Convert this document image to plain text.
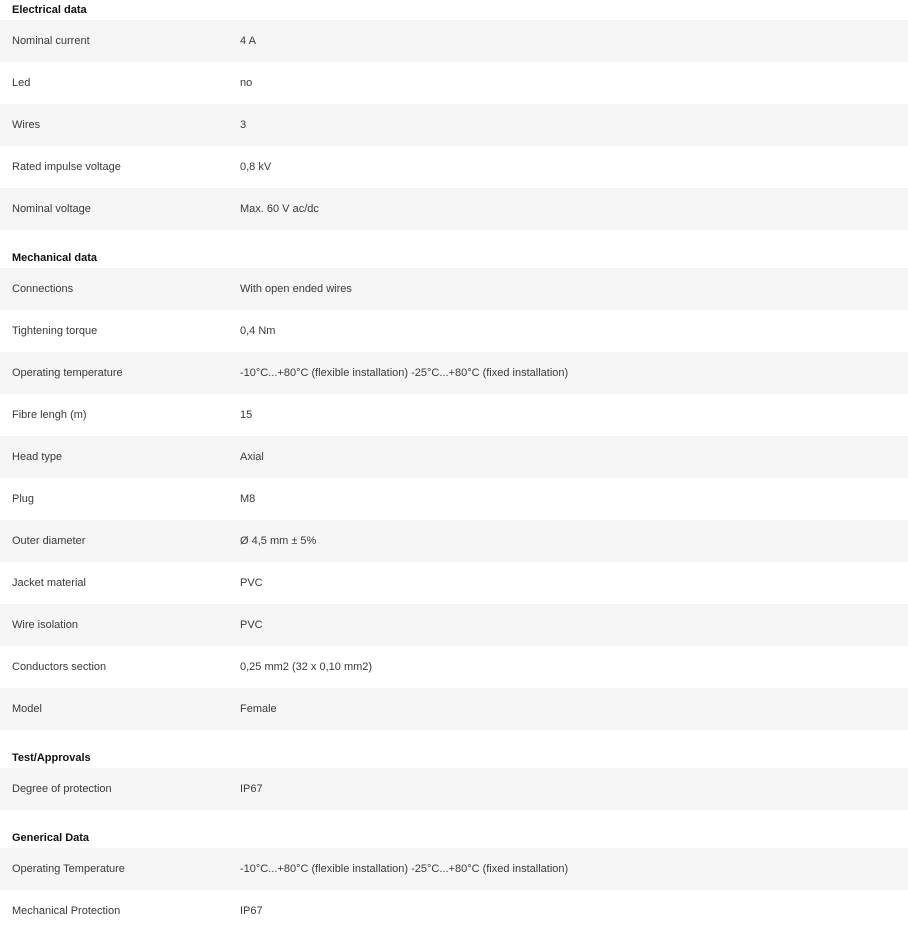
Electrical data
Nominal current	4 A
Led	no
Wires	3
Rated impulse voltage	0,8 kV
Nominal voltage	Max. 60 V ac/dc
Mechanical data
Connections	With open ended wires
Tightening torque	0,4 Nm
Operating temperature	-10°C...+80°C (flexible installation) -25°C...+80°C (fixed installation)
Fibre lengh (m)	15
Head type	Axial
Plug	M8
Outer diameter	Ø 4,5 mm ± 5%
Jacket material	PVC
Wire isolation	PVC
Conductors section	0,25 mm2 (32 x 0,10 mm2)
Model	Female
Test/Approvals
Degree of protection	IP67
Generical Data
Operating Temperature	-10°C...+80°C (flexible installation) -25°C...+80°C (fixed installation)
Mechanical Protection	IP67
